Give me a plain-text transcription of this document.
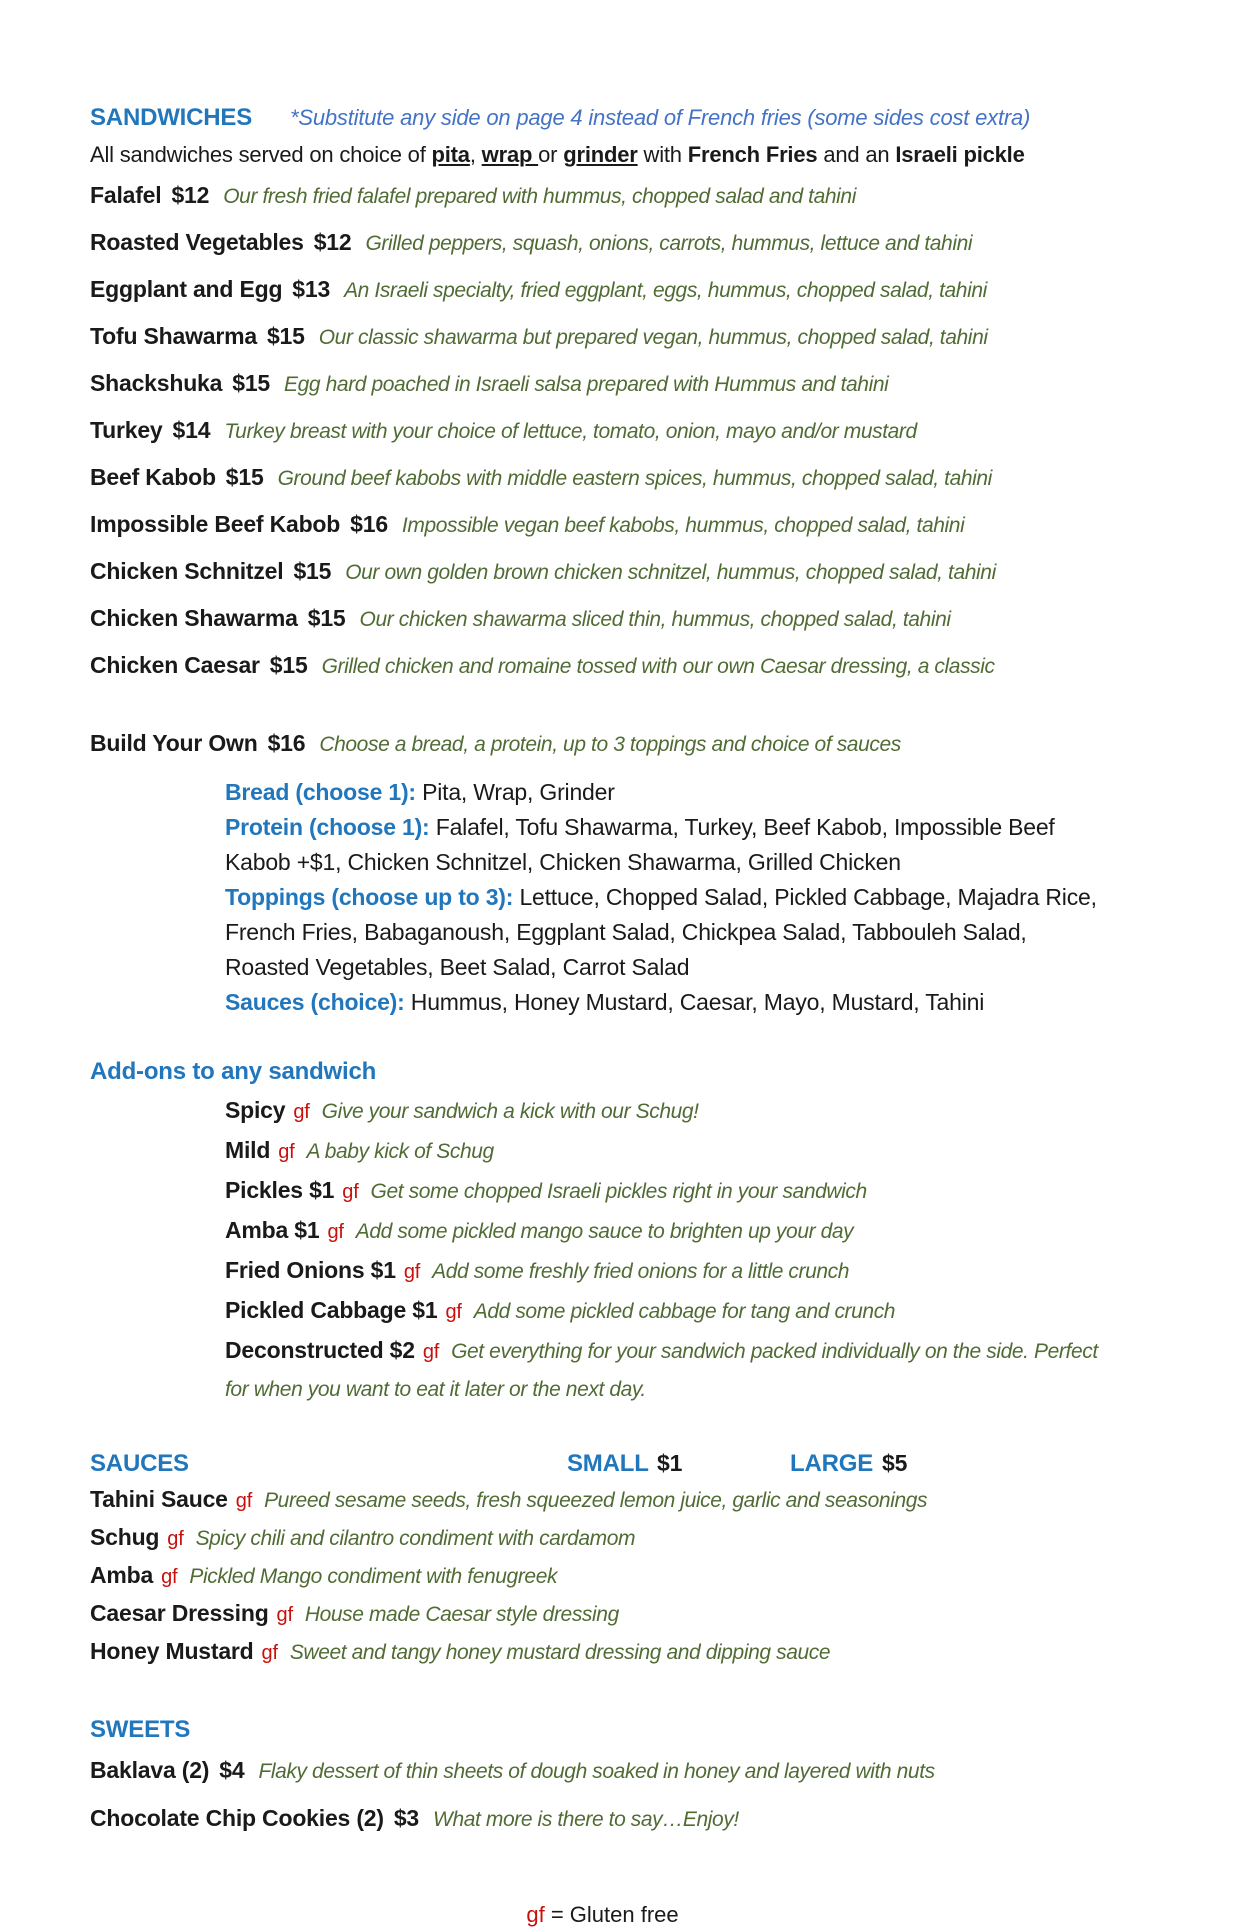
SANDWICHES *Substitute any side on page 4 instead of French fries (some sides cost extra)

All sandwiches served on choice of pita, wrap or grinder with French Fries and an Israeli pickle

Falafel $12 Our fresh fried falafel prepared with hummus, chopped salad and tahini
Roasted Vegetables $12 Grilled peppers, squash, onions, carrots, hummus, lettuce and tahini
Eggplant and Egg $13 An Israeli specialty, fried eggplant, eggs, hummus, chopped salad, tahini
Tofu Shawarma $15 Our classic shawarma but prepared vegan, hummus, chopped salad, tahini
Shackshuka $15 Egg hard poached in Israeli salsa prepared with Hummus and tahini
Turkey $14 Turkey breast with your choice of lettuce, tomato, onion, mayo and/or mustard
Beef Kabob $15 Ground beef kabobs with middle eastern spices, hummus, chopped salad, tahini
Impossible Beef Kabob $16 Impossible vegan beef kabobs, hummus, chopped salad, tahini
Chicken Schnitzel $15 Our own golden brown chicken schnitzel, hummus, chopped salad, tahini
Chicken Shawarma $15 Our chicken shawarma sliced thin, hummus, chopped salad, tahini
Chicken Caesar $15 Grilled chicken and romaine tossed with our own Caesar dressing, a classic
Build Your Own $16 Choose a bread, a protein, up to 3 toppings and choice of sauces
Bread (choose 1): Pita, Wrap, Grinder
Protein (choose 1): Falafel, Tofu Shawarma, Turkey, Beef Kabob, Impossible Beef Kabob +$1, Chicken Schnitzel, Chicken Shawarma, Grilled Chicken
Toppings (choose up to 3): Lettuce, Chopped Salad, Pickled Cabbage, Majadra Rice, French Fries, Babaganoush, Eggplant Salad, Chickpea Salad, Tabbouleh Salad, Roasted Vegetables, Beet Salad, Carrot Salad
Sauces (choice): Hummus, Honey Mustard, Caesar, Mayo, Mustard, Tahini
Add-ons to any sandwich
Spicy gf Give your sandwich a kick with our Schug!
Mild gf A baby kick of Schug
Pickles $1 gf Get some chopped Israeli pickles right in your sandwich
Amba $1 gf Add some pickled mango sauce to brighten up your day
Fried Onions $1 gf Add some freshly fried onions for a little crunch
Pickled Cabbage $1 gf Add some pickled cabbage for tang and crunch
Deconstructed $2 gf Get everything for your sandwich packed individually on the side. Perfect for when you want to eat it later or the next day.
SAUCES	SMALL $1	LARGE $5
Tahini Sauce gf Pureed sesame seeds, fresh squeezed lemon juice, garlic and seasonings
Schug gf Spicy chili and cilantro condiment with cardamom
Amba gf Pickled Mango condiment with fenugreek
Caesar Dressing gf House made Caesar style dressing
Honey Mustard gf Sweet and tangy honey mustard dressing and dipping sauce
SWEETS
Baklava (2) $4 Flaky dessert of thin sheets of dough soaked in honey and layered with nuts
Chocolate Chip Cookies (2) $3 What more is there to say…Enjoy!
gf = Gluten free
